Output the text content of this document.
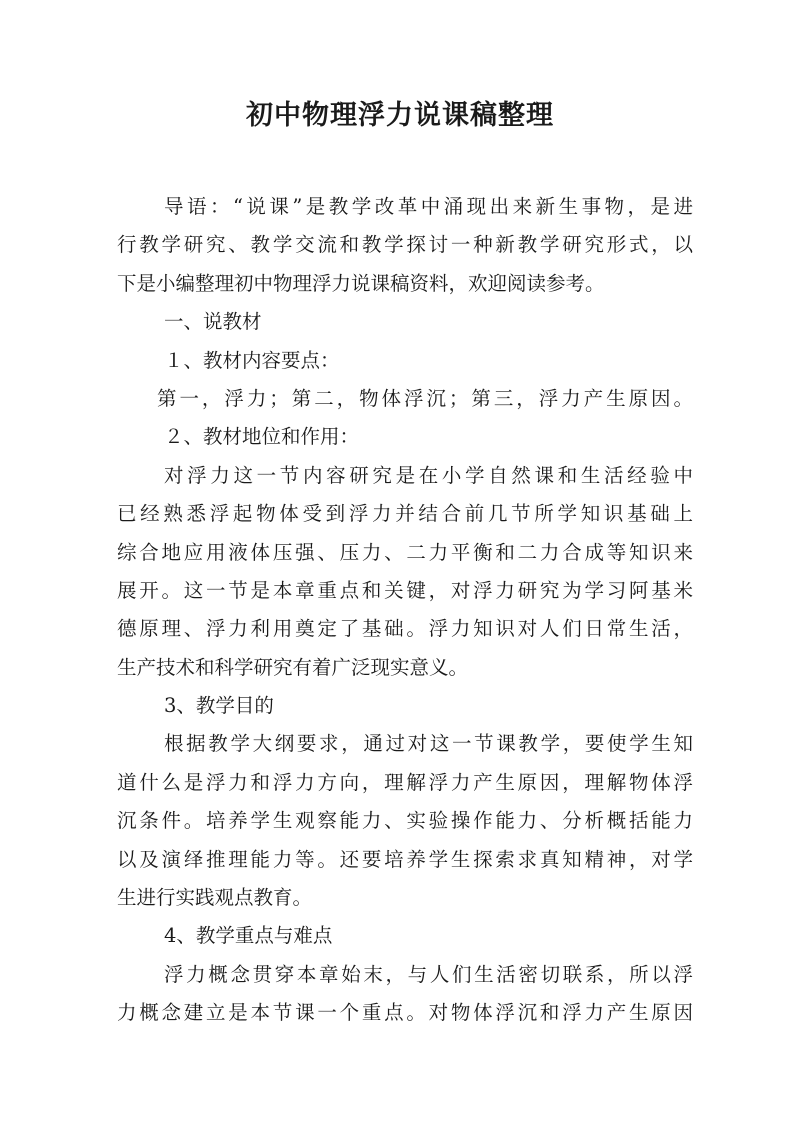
初中物理浮力说课稿整理
导语：“说课”是教学改革中涌现出来新生事物，是进
行教学研究、教学交流和教学探讨一种新教学研究形式，以
下是小编整理初中物理浮力说课稿资料，欢迎阅读参考。
一、说教材
１、教材内容要点：
第一，浮力；第二，物体浮沉；第三，浮力产生原因。
２、教材地位和作用：
对浮力这一节内容研究是在小学自然课和生活经验中
已经熟悉浮起物体受到浮力并结合前几节所学知识基础上
综合地应用液体压强、压力、二力平衡和二力合成等知识来
展开。这一节是本章重点和关键，对浮力研究为学习阿基米
德原理、浮力利用奠定了基础。浮力知识对人们日常生活，
生产技术和科学研究有着广泛现实意义。
3、教学目的
根据教学大纲要求，通过对这一节课教学，要使学生知
道什么是浮力和浮力方向，理解浮力产生原因，理解物体浮
沉条件。培养学生观察能力、实验操作能力、分析概括能力
以及演绎推理能力等。还要培养学生探索求真知精神，对学
生进行实践观点教育。
4、教学重点与难点
浮力概念贯穿本章始末，与人们生活密切联系，所以浮
力概念建立是本节课一个重点。对物体浮沉和浮力产生原因
